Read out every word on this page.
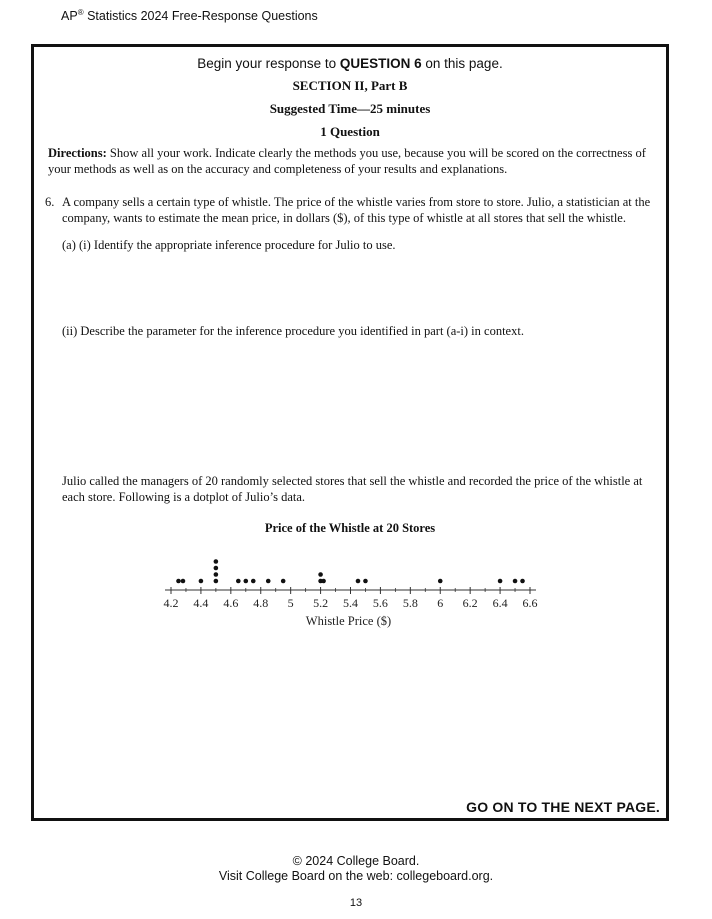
AP® Statistics 2024 Free-Response Questions
Begin your response to QUESTION 6 on this page.
SECTION II, Part B
Suggested Time—25 minutes
1 Question
Directions: Show all your work. Indicate clearly the methods you use, because you will be scored on the correctness of your methods as well as on the accuracy and completeness of your results and explanations.
6. A company sells a certain type of whistle. The price of the whistle varies from store to store. Julio, a statistician at the company, wants to estimate the mean price, in dollars ($), of this type of whistle at all stores that sell the whistle.
(a) (i) Identify the appropriate inference procedure for Julio to use.
(ii) Describe the parameter for the inference procedure you identified in part (a-i) in context.
Julio called the managers of 20 randomly selected stores that sell the whistle and recorded the price of the whistle at each store. Following is a dotplot of Julio’s data.
Price of the Whistle at 20 Stores
4.2 4.4 4.6 4.8 5 5.2 5.4 5.6 5.8 6 6.2 6.4 6.6
Whistle Price ($)
GO ON TO THE NEXT PAGE.
© 2024 College Board.
Visit College Board on the web: collegeboard.org.
13
